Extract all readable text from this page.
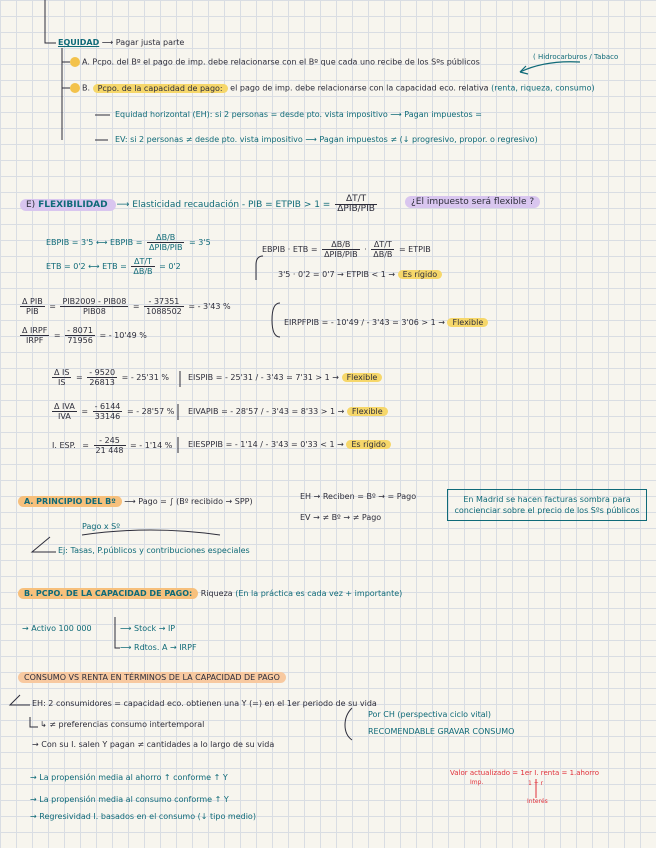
EQUIDAD ⟶ Pagar justa parte
A. Pcpo. del Bº el pago de imp. debe relacionarse con el Bº que cada uno recibe de los Sºs públicos
( Hidrocarburos / Tabaco
B. Pcpo. de la capacidad de pago: el pago de imp. debe relacionarse con la capacidad eco. relativa (renta, riqueza, consumo)
Equidad horizontal (EH): si 2 personas = desde pto. vista impositivo ⟶ Pagan impuestos =
EV: si 2 personas ≠ desde pto. vista impositivo ⟶ Pagan impuestos ≠ (↓ progresivo, propor. o regresivo)
E) FLEXIBILIDAD ⟶ Elasticidad recaudación - PIB = ETPIB > $1 = \frac{\Delta T/T}{\text{ΔPIB/PIB}}$	¿El impuesto será flexible ?
EBPIB = 3'5 ⟷ EBPIB = $\frac{\Delta B/B}{\text{ΔPIB/PIB}} = 3'5$
ETB = 0'2 ⟷ ETB = $\frac{\Delta T/T}{\Delta B/B} = 0'2$
EBPIB · ETB = $\frac{\Delta B/B}{\text{ΔPIB/PIB}} \cdot \frac{\Delta T/T}{\Delta B/B}$ = ETPIB
3'5 · 0'2 = 0'7 → ETPIB < 1 → Es rígido
$\frac{\text{Δ PIB}}{\text{PIB}} = \frac{\text{PIB2009 - PIB08}}{\text{PIB08}} = \frac{- 37351}{1088502}$ = - 3'43 %
$\frac{\text{Δ IRPF}}{\text{IRPF}} = \frac{- 8071}{71956}$ = - 10'49 %
EIRPFPIB = - 10'49 / - 3'43 = 3'06 > 1 → Flexible
$\frac{\text{Δ IS}}{IS} = \frac{- 9520}{26813}$ = - 25'31 % EISPIB = - 25'31 / - 3'43 = 7'31 > 1 → Flexible
$\frac{\text{Δ IVA}}{\text{IVA}} = \frac{- 6144}{33146}$ = - 28'57 % EIVAPIB = - 28'57 / - 3'43 = 8'33 > 1 → Flexible
I. ESP. = $\frac{- 245}{21 448}$ = - 1'14 % EIESPPIB = - 1'14 / - 3'43 = 0'33 < 1 → Es rígido
A. PRINCIPIO DEL Bº ⟶ Pago = ∫ (Bº recibido → SPP)
EH → Reciben = Bº → = Pago
EV → ≠ Bº → ≠ Pago
En Madrid se hacen facturas sombra para concienciar sobre el precio de los Sºs públicos
Pago x Sº
Ej: Tasas, P.públicos y contribuciones especiales
B. PCPO. DE LA CAPACIDAD DE PAGO: Riqueza (En la práctica es cada vez + importante)
→ Activo 100 000	⟶ Stock → IP
⟶ Rdtos. A → IRPF
CONSUMO VS RENTA EN TÉRMINOS DE LA CAPACIDAD DE PAGO
EH: 2 consumidores = capacidad eco. obtienen una Y (=) en el 1er periodo de su vida
↳ ≠ preferencias consumo intertemporal
→ Con su I. salen Y pagan ≠ cantidades a lo largo de su vida
Por CH (perspectiva ciclo vital)
RECOMENDABLE GRAVAR CONSUMO
→ La propensión media al ahorro ↑ conforme ↑ Y
→ La propensión media al consumo conforme ↑ Y
→ Regresividad I. basados en el consumo (↓ tipo medio)
Valor actualizado = 1er I. renta = 1.ahorro
Imp.	1 + r
Interés
